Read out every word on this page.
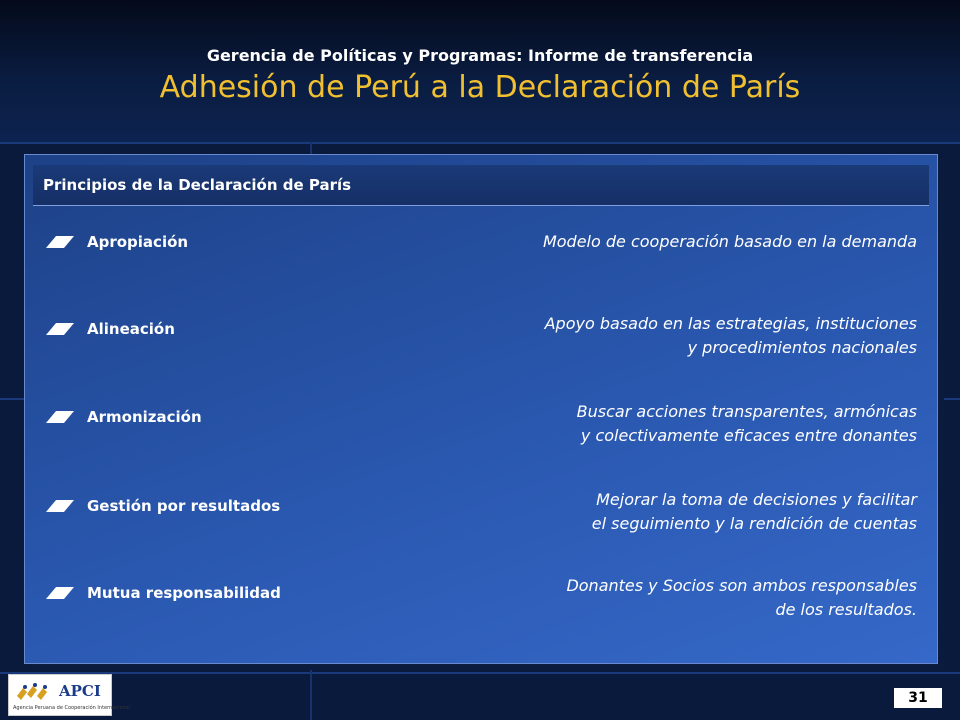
Gerencia de Políticas y Programas: Informe de transferencia
Adhesión de Perú a la Declaración de París
Principios de la Declaración de París
Apropiación	Modelo de cooperación basado en la demanda
Alineación	Apoyo basado en las estrategias, instituciones
y procedimientos nacionales
Armonización	Buscar acciones transparentes, armónicas
y colectivamente eficaces entre donantes
Gestión por resultados	Mejorar la toma de decisiones y facilitar
el seguimiento y la rendición de cuentas
Mutua responsabilidad	Donantes y Socios son ambos responsables
de los resultados.
APCI
Agencia Peruana de Cooperación Internacional
31
